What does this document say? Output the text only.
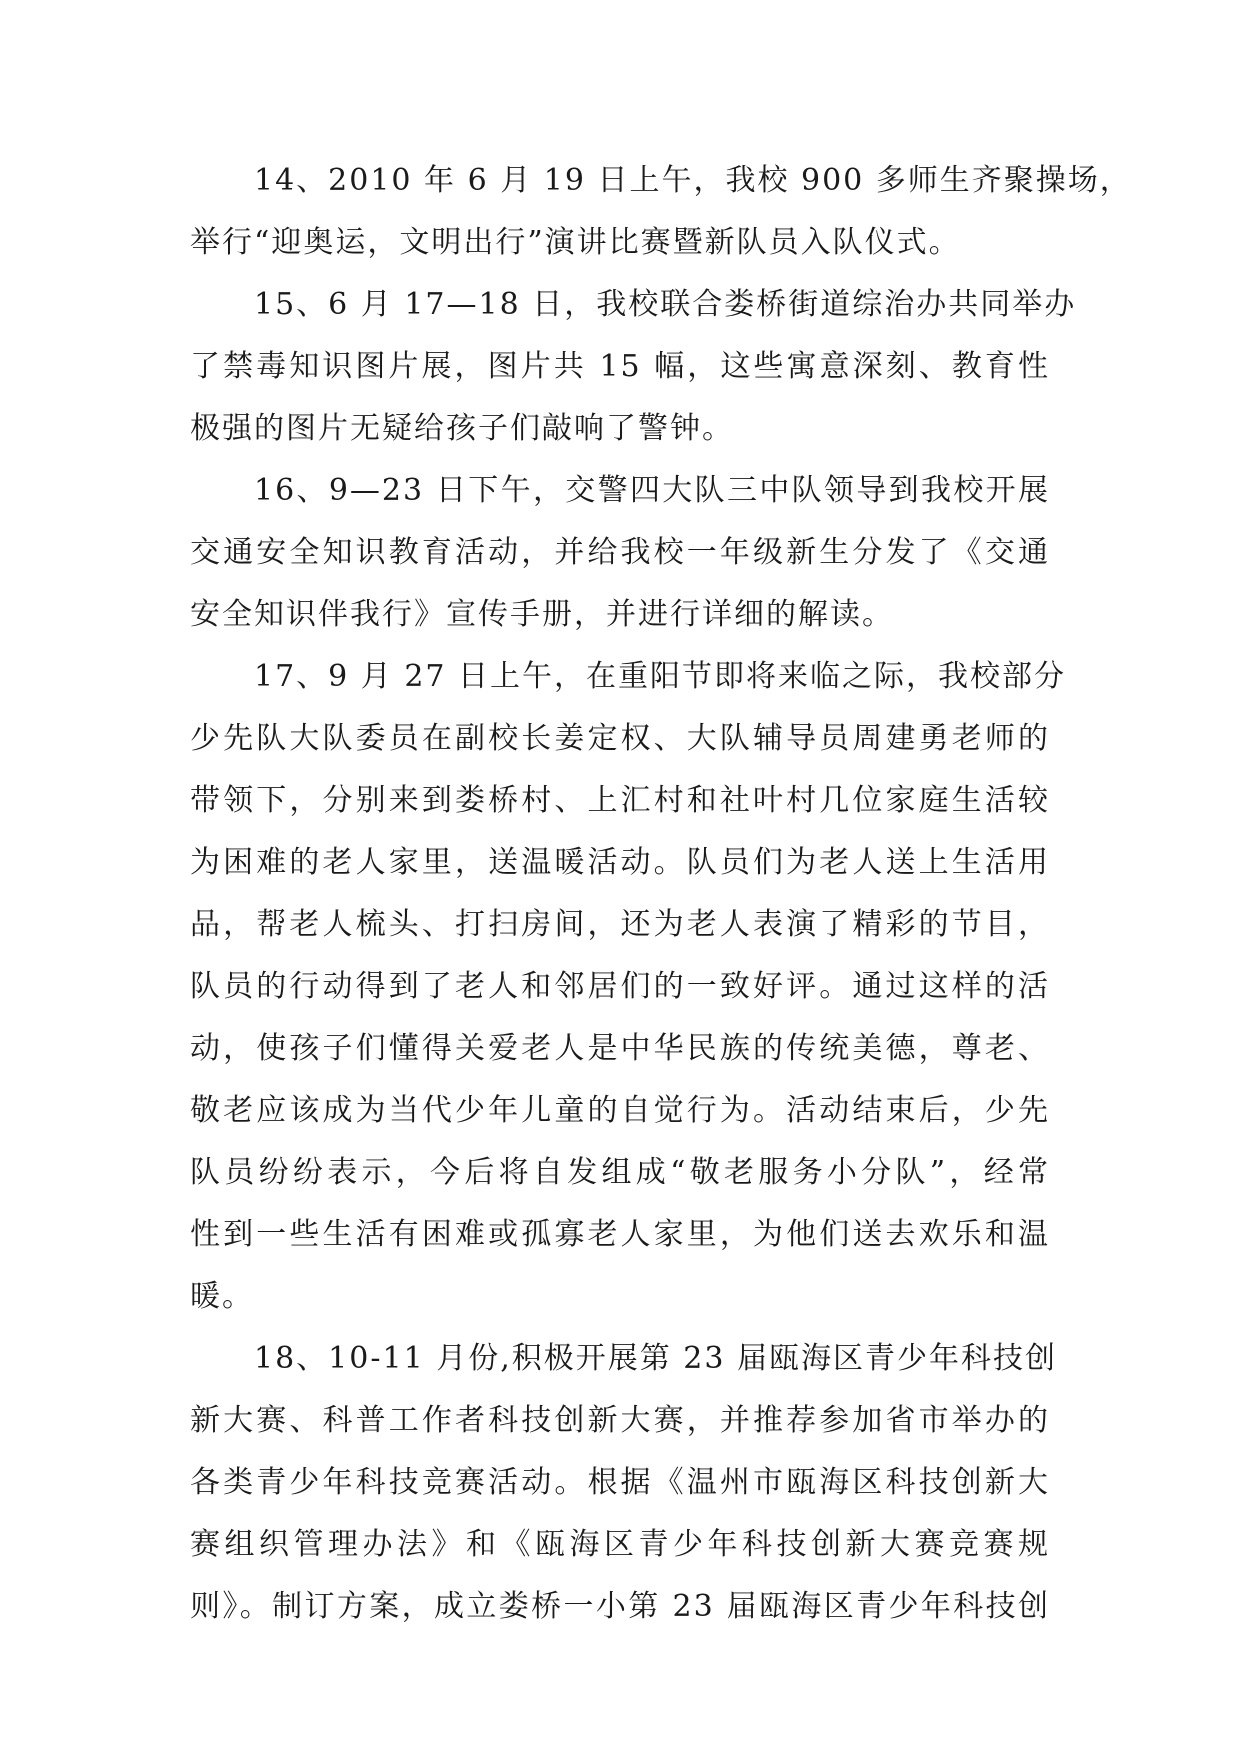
14、2010 年 6 月 19 日上午，我校 900 多师生齐聚操场，
举行“迎奥运，文明出行”演讲比赛暨新队员入队仪式。

15、6 月 17—18 日，我校联合娄桥街道综治办共同举办
了禁毒知识图片展，图片共 15 幅，这些寓意深刻、教育性
极强的图片无疑给孩子们敲响了警钟。

16、9—23 日下午，交警四大队三中队领导到我校开展
交通安全知识教育活动，并给我校一年级新生分发了《交通
安全知识伴我行》宣传手册，并进行详细的解读。

17、9 月 27 日上午，在重阳节即将来临之际，我校部分
少先队大队委员在副校长姜定权、大队辅导员周建勇老师的
带领下，分别来到娄桥村、上汇村和社叶村几位家庭生活较
为困难的老人家里，送温暖活动。队员们为老人送上生活用
品，帮老人梳头、打扫房间，还为老人表演了精彩的节目，
队员的行动得到了老人和邻居们的一致好评。通过这样的活
动，使孩子们懂得关爱老人是中华民族的传统美德，尊老、
敬老应该成为当代少年儿童的自觉行为。活动结束后，少先
队员纷纷表示，今后将自发组成“敬老服务小分队”，经常
性到一些生活有困难或孤寡老人家里，为他们送去欢乐和温
暖。

18、10-11 月份,积极开展第 23 届瓯海区青少年科技创
新大赛、科普工作者科技创新大赛，并推荐参加省市举办的
各类青少年科技竞赛活动。根据《温州市瓯海区科技创新大
赛组织管理办法》和《瓯海区青少年科技创新大赛竞赛规
则》。制订方案，成立娄桥一小第 23 届瓯海区青少年科技创
